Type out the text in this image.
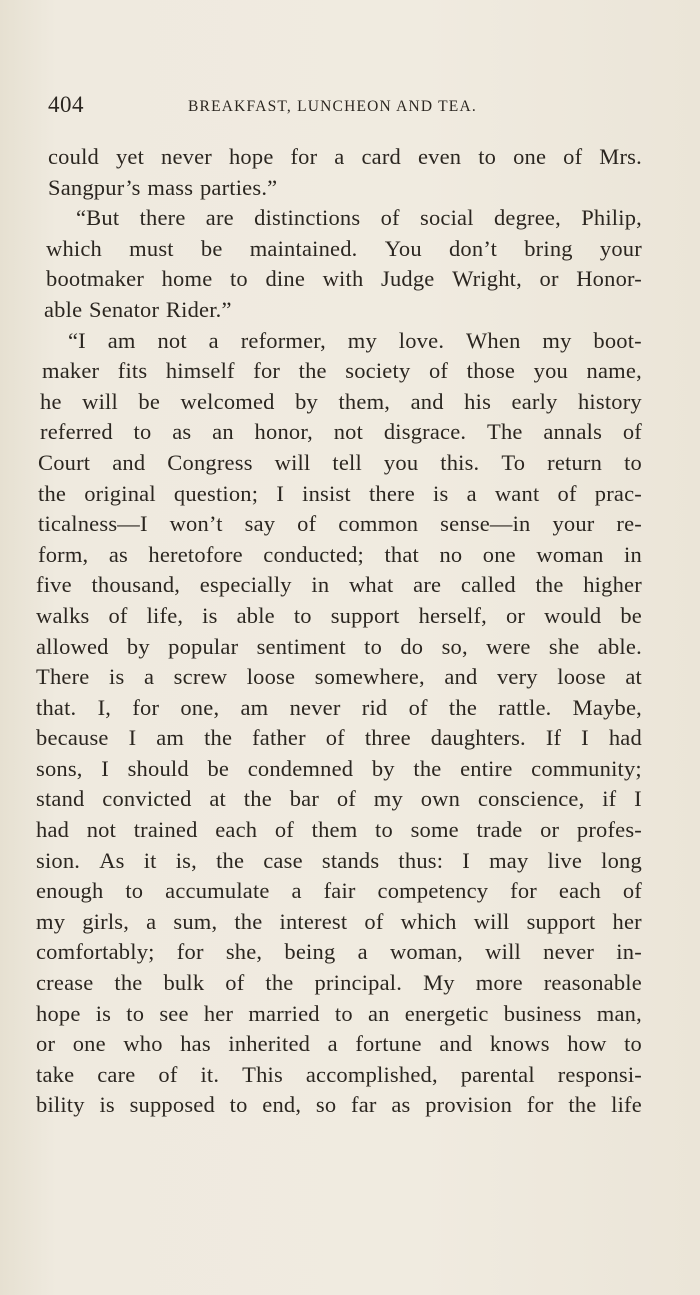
404	BREAKFAST, LUNCHEON AND TEA.
could yet never hope for a card even to one of Mrs.
Sangpur’s mass parties.”
“But there are distinctions of social degree, Philip,
which must be maintained. You don’t bring your
bootmaker home to dine with Judge Wright, or Honor-
able Senator Rider.”
“I am not a reformer, my love. When my boot-
maker fits himself for the society of those you name,
he will be welcomed by them, and his early history
referred to as an honor, not disgrace. The annals of
Court and Congress will tell you this. To return to
the original question; I insist there is a want of prac-
ticalness—I won’t say of common sense—in your re-
form, as heretofore conducted; that no one woman in
five thousand, especially in what are called the higher
walks of life, is able to support herself, or would be
allowed by popular sentiment to do so, were she able.
There is a screw loose somewhere, and very loose at
that. I, for one, am never rid of the rattle. Maybe,
because I am the father of three daughters. If I had
sons, I should be condemned by the entire community;
stand convicted at the bar of my own conscience, if I
had not trained each of them to some trade or profes-
sion. As it is, the case stands thus: I may live long
enough to accumulate a fair competency for each of
my girls, a sum, the interest of which will support her
comfortably; for she, being a woman, will never in-
crease the bulk of the principal. My more reasonable
hope is to see her married to an energetic business man,
or one who has inherited a fortune and knows how to
take care of it. This accomplished, parental responsi-
bility is supposed to end, so far as provision for the life
